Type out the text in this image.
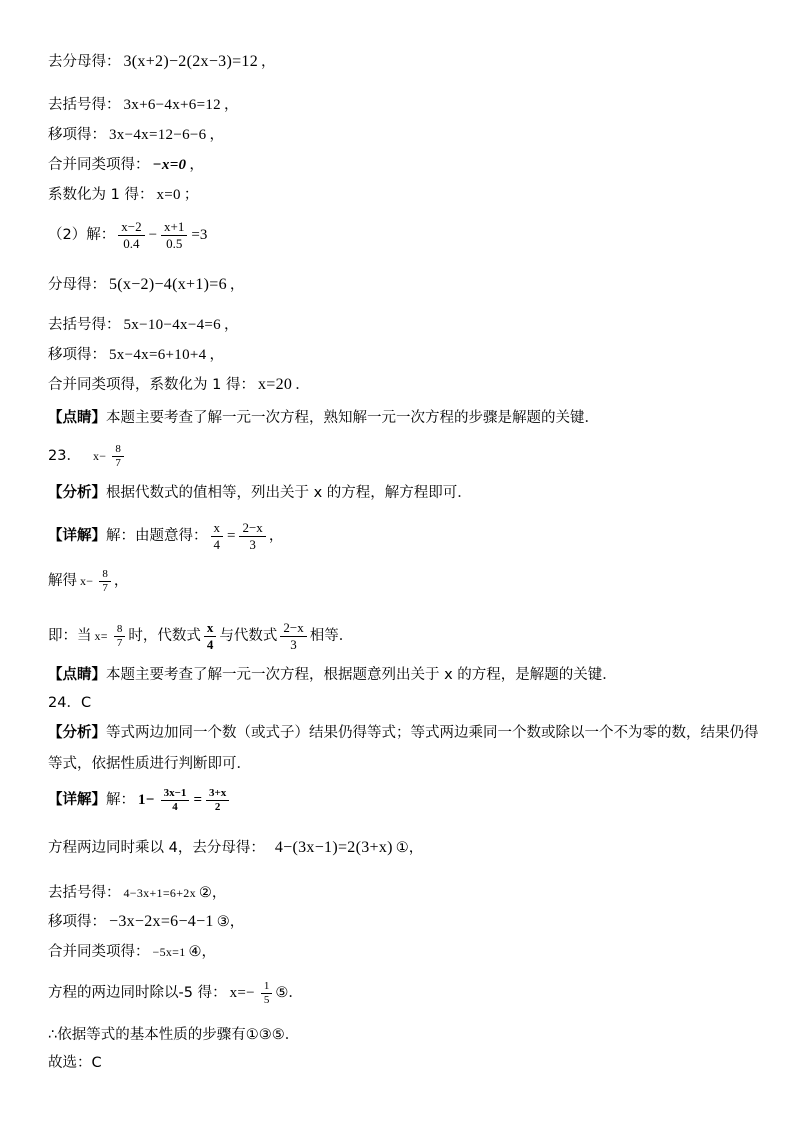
去分母得： 3(x+2)−2(2x−3)=12 ，
去括号得： 3x+6−4x+6=12 ，
移项得： 3x−4x=12−6−6 ，
合并同类项得： −x=0 ，
系数化为 1 得： x=0 ；
（2）解： $\frac{x-2}{0.4} - \frac{x+1}{0.5} =3$
分母得： 5(x−2)−4(x+1)=6 ，
去括号得： 5x−10−4x−4=6 ，
移项得： 5x−4x=6+10+4 ，
合并同类项得，系数化为 1 得： x=20 ．
【点睛】 本题主要考查了解一元一次方程，熟知解一元一次方程的步骤是解题的关键．
23． $x- \frac{8}{7}$
【分析】 根据代数式的值相等，列出关于 x 的方程，解方程即可．
【详解】 解：由题意得： $\frac{x}{4} = \frac{2-x}{3}$ ，
解得 $x- \frac{8}{7}$ ，
即：当 $x= \frac{8}{7}$ 时，代数式 $\frac{x}{4}$ 与代数式 $\frac{2-x}{3}$ 相等．
【点睛】 本题主要考查了解一元一次方程，根据题意列出关于 x 的方程，是解题的关键．
24．C
【分析】 等式两边加同一个数（或式子）结果仍得等式；等式两边乘同一个数或除以一个不为零的数，结果仍得
等式，依据性质进行判断即可．
【详解】 解： $1- \frac{3x-1}{4} = \frac{3+x}{2}$
方程两边同时乘以 4，去分母得： 4−(3x−1)=2(3+x) ①，
去括号得： 4−3x+1=6+2x ②，
移项得： −3x−2x=6−4−1 ③，
合并同类项得： −5x=1 ④，
方程的两边同时除以-5 得： $x=- \frac{1}{5}$ ⑤．
∴依据等式的基本性质的步骤有①③⑤．
故选：C
